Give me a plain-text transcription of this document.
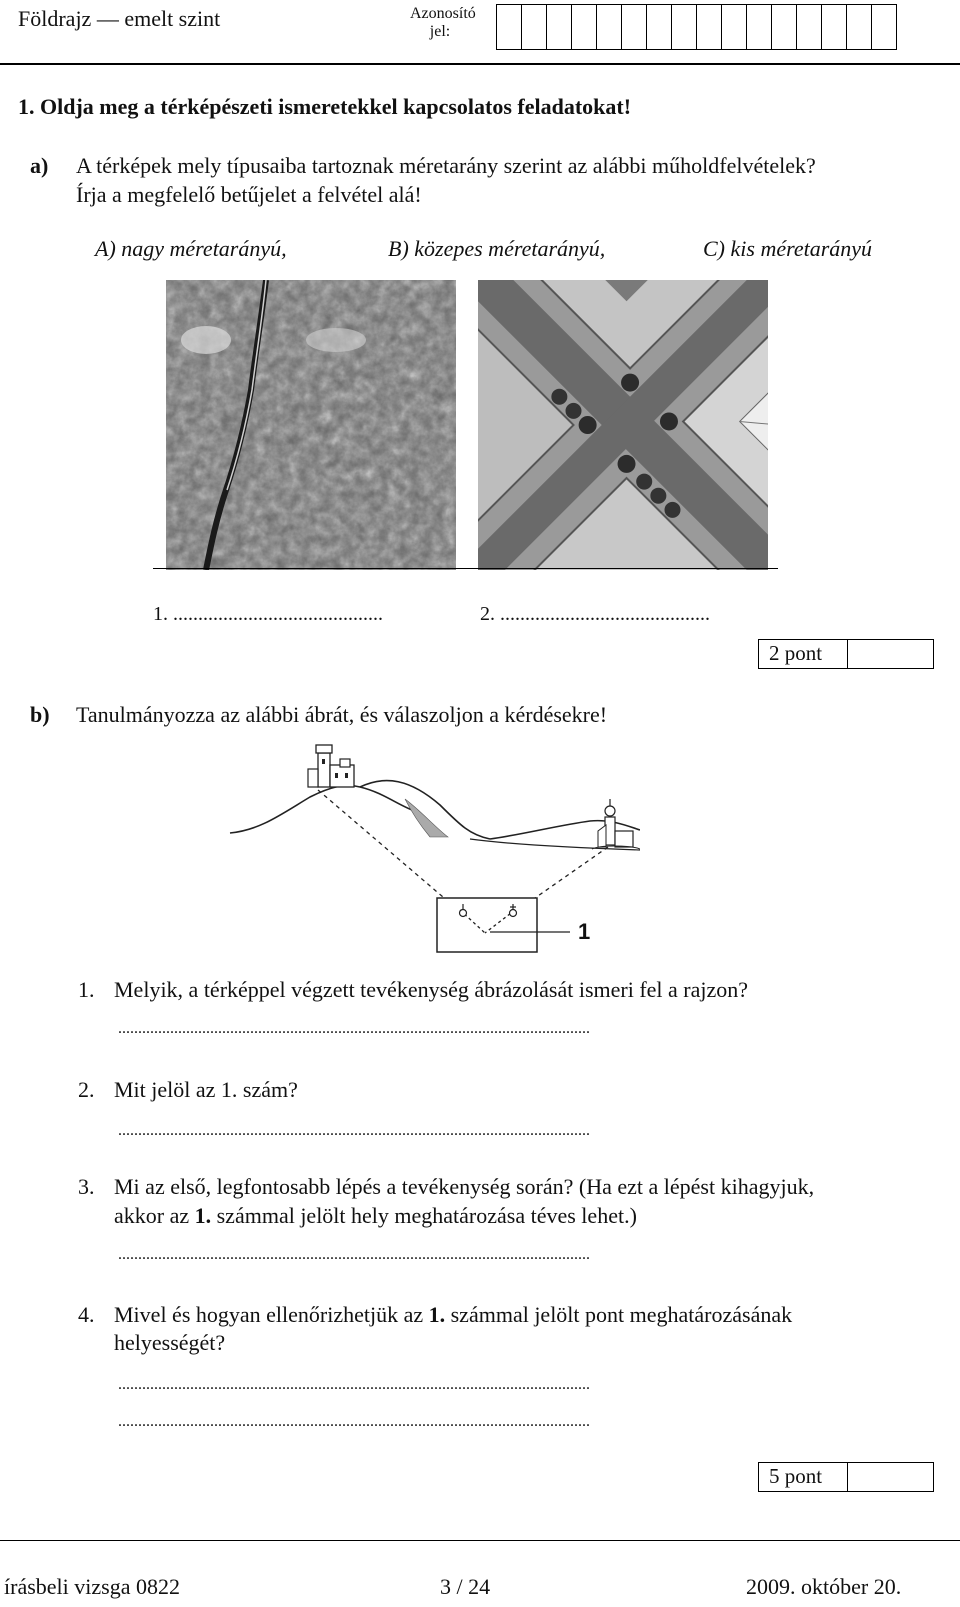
Földrajz — emelt szint	Azonosító
jel:
1. Oldja meg a térképészeti ismeretekkel kapcsolatos feladatokat!
a) A térképek mely típusaiba tartoznak méretarány szerint az alábbi műholdfelvételek?
Írja a megfelelő betűjelet a felvétel alá!
A) nagy méretarányú,	B) közepes méretarányú,	C) kis méretarányú
1. ..........................................	2. ..........................................
2 pont
b) Tanulmányozza az alábbi ábrát, és válaszoljon a kérdésekre!
1
1. Melyik, a térképpel végzett tevékenység ábrázolását ismeri fel a rajzon?
......................................................................................................................
2. Mit jelöl az 1. szám?
......................................................................................................................
3. Mi az első, legfontosabb lépés a tevékenység során? (Ha ezt a lépést kihagyjuk,
akkor az 1. számmal jelölt hely meghatározása téves lehet.)
......................................................................................................................
4. Mivel és hogyan ellenőrizhetjük az 1. számmal jelölt pont meghatározásának
helyességét?
......................................................................................................................
......................................................................................................................
5 pont
írásbeli vizsga 0822	3 / 24	2009. október 20.
